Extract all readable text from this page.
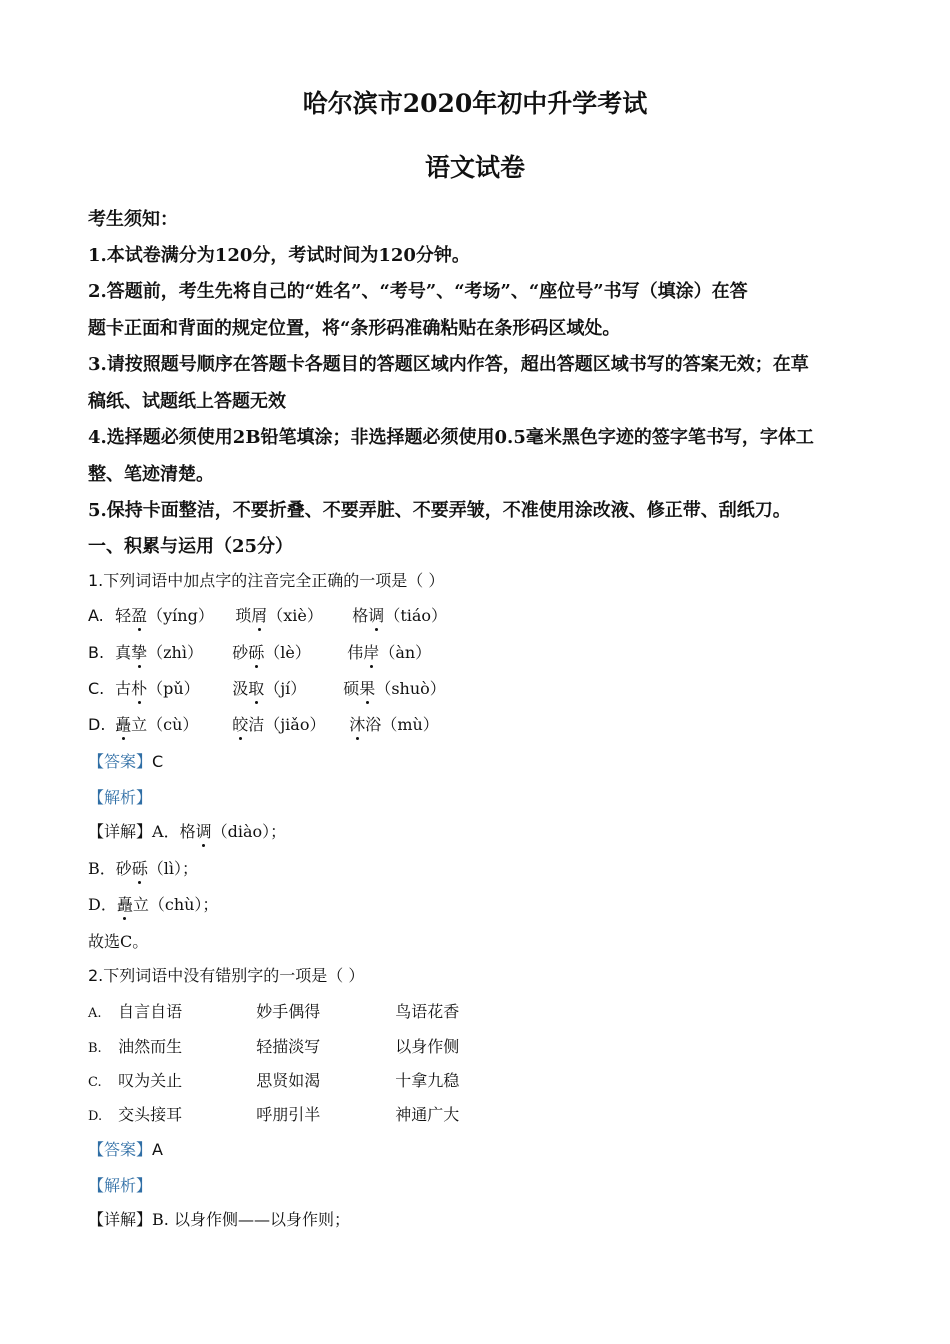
哈尔滨市2020年初中升学考试
语文试卷
考生须知：
1.本试卷满分为120分，考试时间为120分钟。
2.答题前，考生先将自己的“姓名”、“考号”、“考场”、“座位号”书写（填涂）在答
题卡正面和背面的规定位置，将“条形码准确粘贴在条形码区域处。
3.请按照题号顺序在答题卡各题目的答题区域内作答，超出答题区域书写的答案无效；在草
稿纸、试题纸上答题无效
4.选择题必须使用2B铅笔填涂；非选择题必须使用0.5毫米黑色字迹的签字笔书写，字体工
整、笔迹清楚。
5.保持卡面整洁，不要折叠、不要弄脏、不要弄皱，不准使用涂改液、修正带、刮纸刀。
一、积累与运用（25分）
1.下列词语中加点字的注音完全正确的一项是（ ）
A. 轻盈（yíng） 琐屑（xiè） 格调（tiáo）
B. 真挚（zhì） 砂砾（lè） 伟岸（àn）
C. 古朴（pǔ） 汲取（jí） 硕果（shuò）
D. 矗立（cù） 皎洁（jiǎo） 沐浴（mù）
【答案】C
【解析】
【详解】A．格调（diào）；
B．砂砾（lì）；
D．矗立（chù）；
故选C。
2.下列词语中没有错别字的一项是（ ）
A. 自言自语	妙手偶得	鸟语花香
B. 油然而生	轻描淡写	以身作侧
C. 叹为关止	思贤如渴	十拿九稳
D. 交头接耳	呼朋引半	神通广大
【答案】A
【解析】
【详解】B. 以身作侧——以身作则；
